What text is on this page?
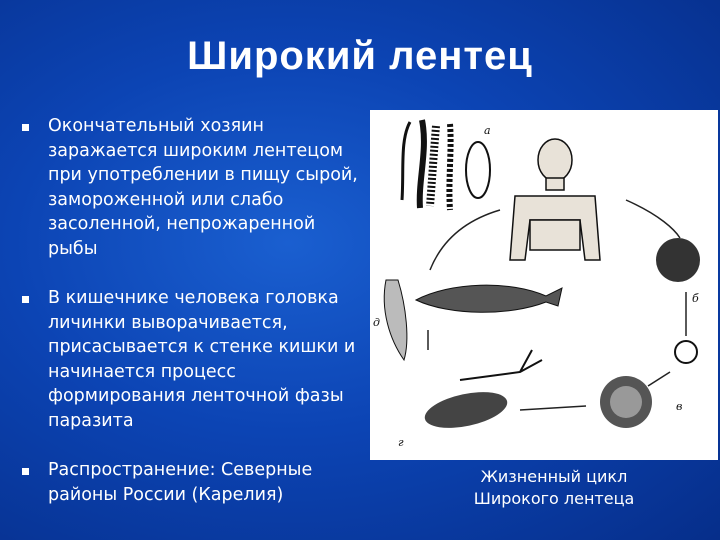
Широкий лентец
Окончательный хозяин заражается широким лентецом при употреблении в пищу сырой, замороженной или слабо засоленной, непрожаренной рыбы
В кишечнике человека головка личинки выворачивается, присасывается к стенке кишки и начинается процесс формирования ленточной фазы паразита
Распространение: Северные районы России (Карелия)
а
б
в
г
д
Жизненный цикл
Широкого лентеца
